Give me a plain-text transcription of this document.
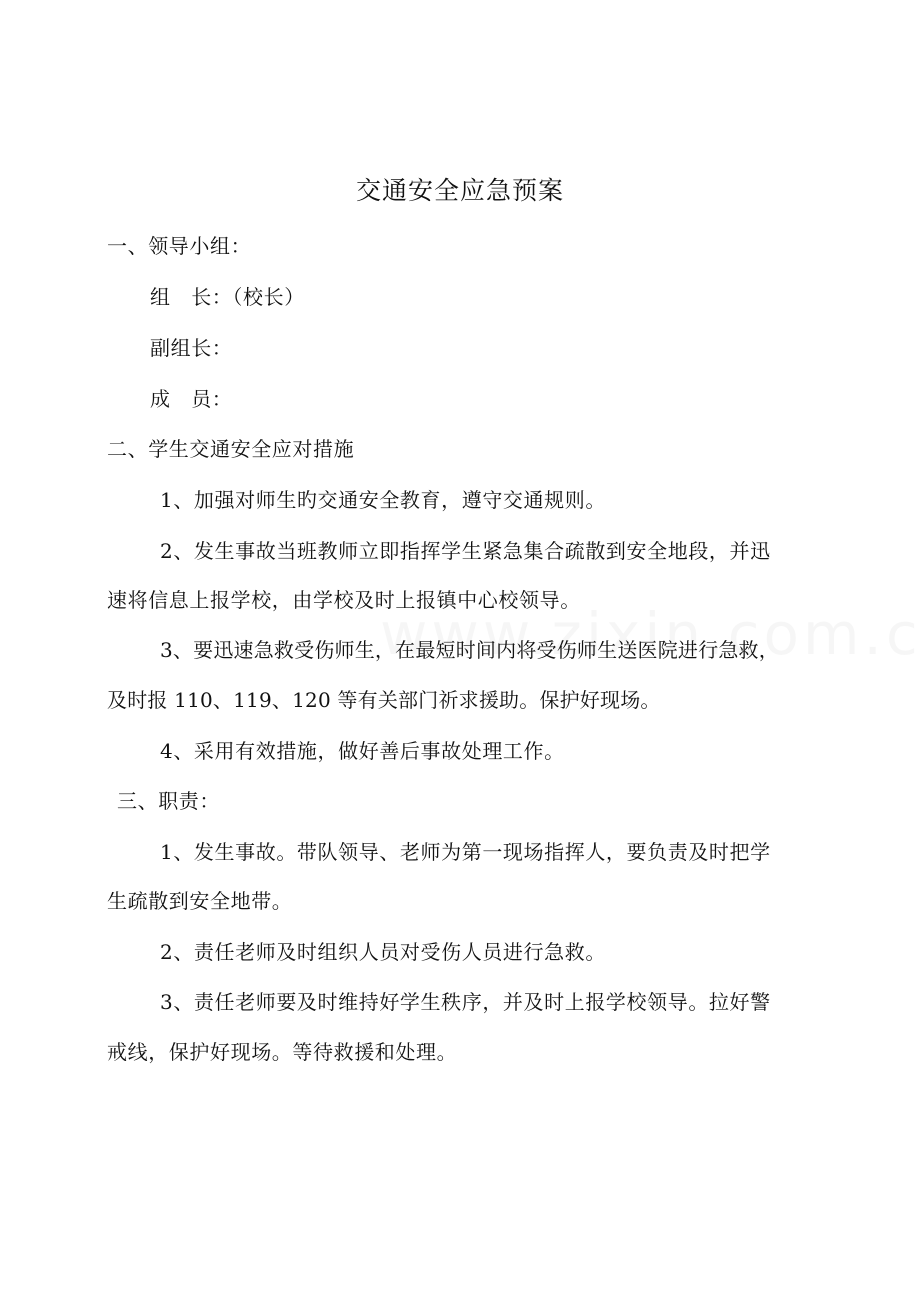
交通安全应急预案
一、领导小组：
组　长：（校长）
副组长：
成　员：
二、学生交通安全应对措施
1、加强对师生旳交通安全教育，遵守交通规则。
2、发生事故当班教师立即指挥学生紧急集合疏散到安全地段，并迅
速将信息上报学校，由学校及时上报镇中心校领导。
3、要迅速急救受伤师生，在最短时间内将受伤师生送医院进行急救，
及时报 110、119、120 等有关部门祈求援助。保护好现场。
4、采用有效措施，做好善后事故处理工作。
三、职责：
1、发生事故。带队领导、老师为第一现场指挥人，要负责及时把学
生疏散到安全地带。
2、责任老师及时组织人员对受伤人员进行急救。
3、责任老师要及时维持好学生秩序，并及时上报学校领导。拉好警
戒线，保护好现场。等待救援和处理。
